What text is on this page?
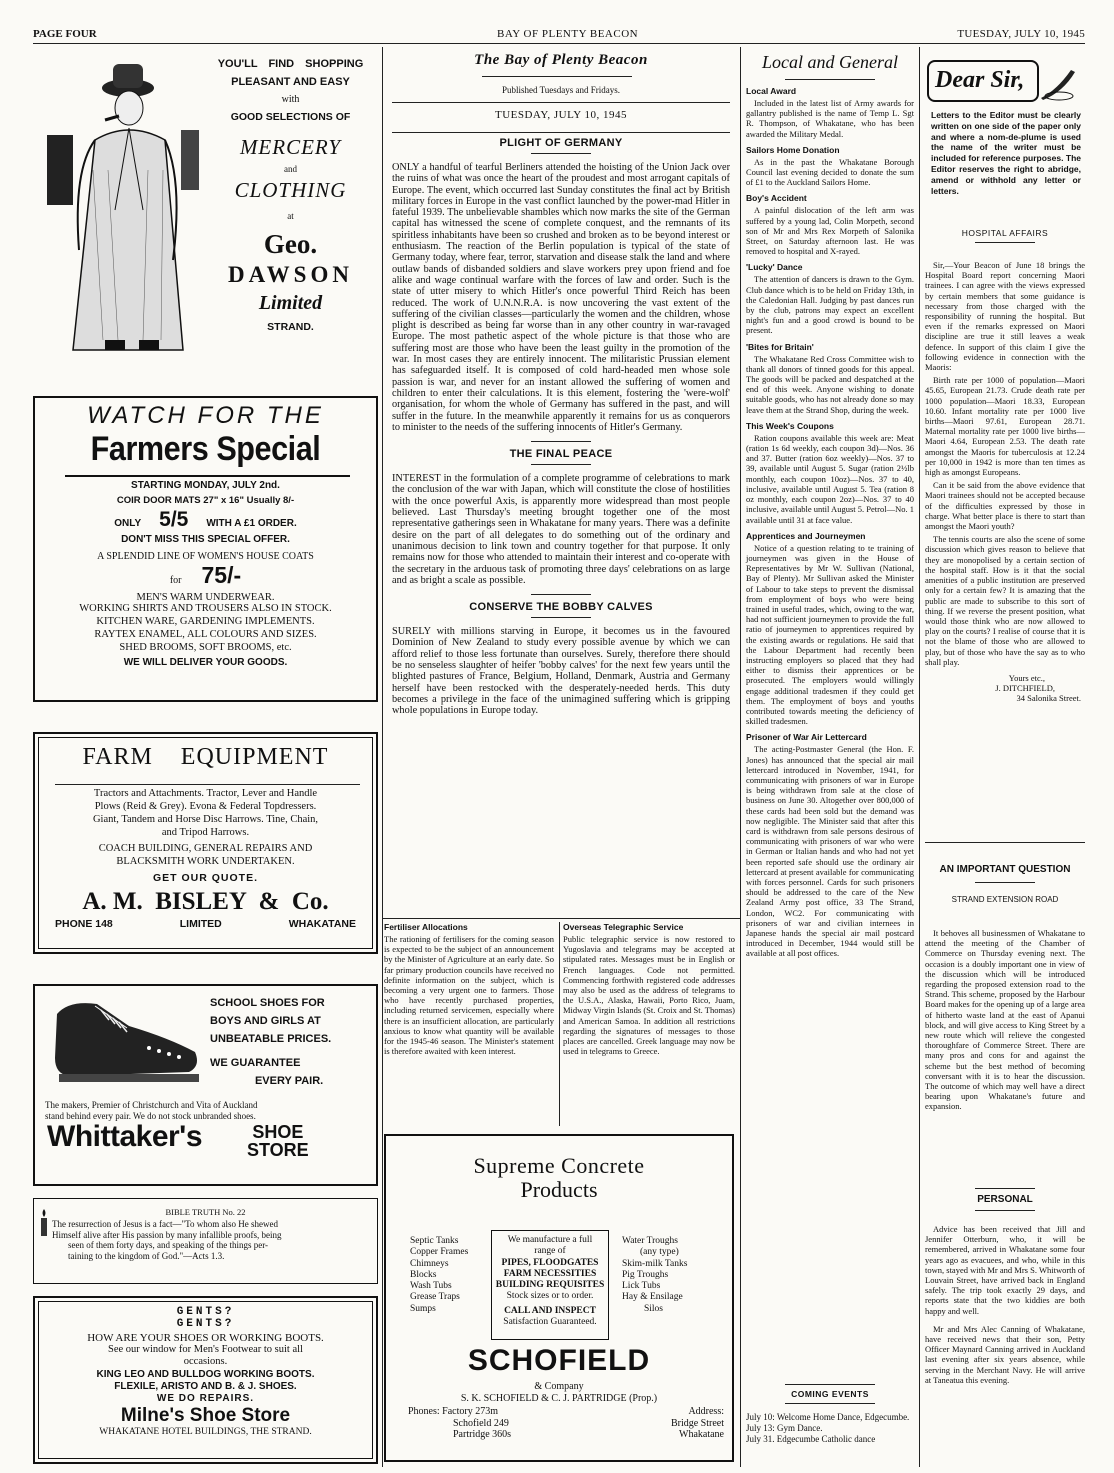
PAGE FOUR	BAY OF PLENTY BEACON	TUESDAY, JULY 10, 1945
YOU'LL FIND SHOPPING
PLEASANT AND EASY
with
GOOD SELECTIONS OF
MERCERY
and
CLOTHING
at
Geo.
DAWSON
Limited
STRAND.
WATCH FOR THE
Farmers Special
STARTING MONDAY, JULY 2nd.
COIR DOOR MATS 27" x 16" Usually 8/-
ONLY 5/5 WITH A £1 ORDER.
DON'T MISS THIS SPECIAL OFFER.
A SPLENDID LINE OF WOMEN'S HOUSE COATS
for 75/-
MEN'S WARM UNDERWEAR.
WORKING SHIRTS AND TROUSERS ALSO IN STOCK.
KITCHEN WARE, GARDENING IMPLEMENTS.
RAYTEX ENAMEL, ALL COLOURS AND SIZES.
SHED BROOMS, SOFT BROOMS, etc.
WE WILL DELIVER YOUR GOODS.
FARM    EQUIPMENT
Tractors and Attachments. Tractor, Lever and Handle
Plows (Reid & Grey). Evona & Federal Topdressers.
Giant, Tandem and Horse Disc Harrows. Tine, Chain,
and Tripod Harrows.
COACH BUILDING, GENERAL REPAIRS AND
BLACKSMITH WORK UNDERTAKEN.
GET OUR QUOTE.
A. M.  BISLEY  &  Co.
PHONE 148	LIMITED	WHAKATANE
SCHOOL SHOES FOR
BOYS AND GIRLS AT
UNBEATABLE PRICES.
WE GUARANTEE
EVERY PAIR.
The makers, Premier of Christchurch and Vita of Auckland
stand behind every pair. We do not stock unbranded shoes.
Whittaker's	SHOE
STORE
BIBLE TRUTH No. 22
The resurrection of Jesus is a fact—"To whom also He shewed
Himself alive after His passion by many infallible proofs, being
seen of them forty days, and speaking of the things per-
taining to the kingdom of God."—Acts 1.3.
GENTS?
GENTS?
HOW ARE YOUR SHOES OR WORKING BOOTS.
See our window for Men's Footwear to suit all
occasions.
KING LEO AND BULLDOG WORKING BOOTS.
FLEXILE, ARISTO AND B. & J. SHOES.
WE DO REPAIRS.
Milne's Shoe Store
WHAKATANE HOTEL BUILDINGS, THE STRAND.
The Bay of Plenty Beacon
Published Tuesdays and Fridays.
TUESDAY, JULY 10, 1945
PLIGHT OF GERMANY
ONLY a handful of tearful Berliners attended the hoisting of the Union Jack over the ruins of what was once the heart of the proudest and most arrogant capitals of Europe. The event, which occurred last Sunday constitutes the final act by British military forces in Europe in the vast conflict launched by the power-mad Hitler in fateful 1939. The unbelievable shambles which now marks the site of the German capital has witnessed the scene of complete conquest, and the remnants of its spiritless inhabitants have been so crushed and broken as to be beyond interest or enthusiasm. The reaction of the Berlin population is typical of the state of Germany today, where fear, terror, starvation and disease stalk the land and where outlaw bands of disbanded soldiers and slave workers prey upon friend and foe alike and wage continual warfare with the forces of law and order. Such is the state of utter misery to which Hitler's once powerful Third Reich has been reduced. The work of U.N.N.R.A. is now uncovering the vast extent of the suffering of the civilian classes—particularly the women and the children, whose plight is described as being far worse than in any other country in war-ravaged Europe. The most pathetic aspect of the whole picture is that those who are suffering most are those who have been the least guilty in the promotion of the war. In most cases they are entirely innocent. The militaristic Prussian element has safeguarded itself. It is composed of cold hard-headed men whose sole passion is war, and never for an instant allowed the suffering of women and children to enter their calculations. It is this element, fostering the 'were-wolf' organisation, for whom the whole of Germany has suffered in the past, and will suffer in the future. In the meanwhile apparently it remains for us as conquerors to minister to the needs of the suffering innocents of Hitler's Germany.
THE FINAL PEACE
INTEREST in the formulation of a complete programme of celebrations to mark the conclusion of the war with Japan, which will constitute the close of hostilities with the once powerful Axis, is apparently more widespread than most people believed. Last Thursday's meeting brought together one of the most representative gatherings seen in Whakatane for many years. There was a definite desire on the part of all delegates to do something out of the ordinary and unanimous decision to link town and country together for that purpose. It only remains now for those who attended to maintain their interest and co-operate with the secretary in the arduous task of promoting three days' celebrations on as large and as bright a scale as possible.
CONSERVE THE BOBBY CALVES
SURELY with millions starving in Europe, it becomes us in the favoured Dominion of New Zealand to study every possible avenue by which we can afford relief to those less fortunate than ourselves. Surely, therefore there should be no senseless slaughter of heifer 'bobby calves' for the next few years until the blighted pastures of France, Belgium, Holland, Denmark, Austria and Germany herself have been restocked with the desperately-needed herds. This duty becomes a privilege in the face of the unimagined suffering which is gripping whole populations in Europe today.
Fertiliser Allocations
The rationing of fertilisers for the coming season is expected to be the subject of an announcement by the Minister of Agriculture at an early date. So far primary production councils have received no definite information on the subject, which is becoming a very urgent one to farmers. Those who have recently purchased properties, including returned servicemen, especially where there is an insufficient allocation, are particularly anxious to know what quantity will be available for the 1945-46 season. The Minister's statement is therefore awaited with keen interest.
Overseas Telegraphic Service
Public telegraphic service is now restored to Yugoslavia and telegrams may be accepted at stipulated rates. Messages must be in English or French languages. Code not permitted. Commencing forthwith registered code addresses may also be used as the address of telegrams to the U.S.A., Alaska, Hawaii, Porto Rico, Juam, Midway Virgin Islands (St. Croix and St. Thomas) and American Samoa. In addition all restrictions regarding the signatures of messages to those places are cancelled. Greek language may now be used in telegrams to Greece.
Supreme Concrete
Products
Septic Tanks
Copper Frames
Chimneys
Blocks
Wash Tubs
Grease Traps
Sumps
We manufacture a full
range of
PIPES, FLOODGATES
FARM NECESSITIES
BUILDING REQUISITES
Stock sizes or to order.
CALL AND INSPECT
Satisfaction Guaranteed.
Water Troughs
(any type)
Skim-milk Tanks
Pig Troughs
Lick Tubs
Hay & Ensilage
Silos
SCHOFIELD
& Company
S. K. SCHOFIELD & C. J. PARTRIDGE (Prop.)
Phones: Factory 273m
Schofield 249
Partridge 360s
Address:
Bridge Street
Whakatane
Local and General
Local Award
Included in the latest list of Army awards for gallantry published is the name of Temp L. Sgt R. Thompson, of Whakatane, who has been awarded the Military Medal.
Sailors Home Donation
As in the past the Whakatane Borough Council last evening decided to donate the sum of £1 to the Auckland Sailors Home.
Boy's Accident
A painful dislocation of the left arm was suffered by a young lad, Colin Morpeth, second son of Mr and Mrs Rex Morpeth of Salonika Street, on Saturday afternoon last. He was removed to hospital and X-rayed.
'Lucky' Dance
The attention of dancers is drawn to the Gym. Club dance which is to be held on Friday 13th, in the Caledonian Hall. Judging by past dances run by the club, patrons may expect an excellent night's fun and a good crowd is bound to be present.
'Bites for Britain'
The Whakatane Red Cross Committee wish to thank all donors of tinned goods for this appeal. The goods will be packed and despatched at the end of this week. Anyone wishing to donate suitable goods, who has not already done so may leave them at the Strand Shop, during the week.
This Week's Coupons
Ration coupons available this week are: Meat (ration 1s 6d weekly, each coupon 3d)—Nos. 36 and 37. Butter (ration 6oz weekly)—Nos. 37 to 39, available until August 5. Sugar (ration 2½lb monthly, each coupon 10oz)—Nos. 37 to 40, inclusive, available until August 5. Tea (ration 8 oz monthly, each coupon 2oz)—Nos. 37 to 40 inclusive, available until August 5. Petrol—No. 1 available until 31 at face value.
Apprentices and Journeymen
Notice of a question relating to te training of journeymen was given in the House of Representatives by Mr W. Sullivan (National, Bay of Plenty). Mr Sullivan asked the Minister of Labour to take steps to prevent the dismissal from employment of boys who were being trained in useful trades, which, owing to the war, had not sufficient journeymen to provide the full ratio of journeymen to apprentices required by the existing awards or regulations. He said that the Labour Department had recently been instructing employers so placed that they had either to dismiss their apprentices or be prosecuted. The employers would willingly engage additional tradesmen if they could get them. The employment of boys and youths contributed towards meeting the deficiency of skilled tradesmen.
Prisoner of War Air Lettercard
The acting-Postmaster General (the Hon. F. Jones) has announced that the special air mail lettercard introduced in November, 1941, for communicating with prisoners of war in Europe is being withdrawn from sale at the close of business on June 30. Altogether over 800,000 of these cards had been sold but the demand was now negligible. The Minister said that after this card is withdrawn from sale persons desirous of communicating with prisoners of war who were in German or Italian hands and who had not yet been reported safe should use the ordinary air lettercard at present available for communicating with forces personnel. Cards for such prisoners should be addressed to the care of the New Zealand Army post office, 33 The Strand, London, WC2. For communicating with prisoners of war and civilian internees in Japanese hands the special air mail postcard introduced in December, 1944 would still be available at all post offices.
COMING EVENTS
July 10: Welcome Home Dance, Edgecumbe.
July 13: Gym Dance.
July 31. Edgecumbe Catholic dance
Dear Sir,
Letters to the Editor must be clearly written on one side of the paper only and where a nom-de-plume is used the name of the writer must be included for reference purposes. The Editor reserves the right to abridge, amend or withhold any letter or letters.
HOSPITAL AFFAIRS
Sir,—Your Beacon of June 18 brings the Hospital Board report concerning Maori trainees. I can agree with the views expressed by certain members that some guidance is necessary from those charged with the responsibility of running the hospital. But even if the remarks expressed on Maori discipline are true it still leaves a weak defence. In support of this claim I give the following evidence in connection with the Maoris:
Birth rate per 1000 of population—Maori 45.65, European 21.73. Crude death rate per 1000 population—Maori 18.33, European 10.60. Infant mortality rate per 1000 live births—Maori 97.61, European 28.71. Maternal mortality rate per 1000 live births—Maori 4.64, European 2.53. The death rate amongst the Maoris for tuberculosis at 12.24 per 10,000 in 1942 is more than ten times as high as amongst Europeans.
Can it be said from the above evidence that Maori trainees should not be accepted because of the difficulties expressed by those in charge. What better place is there to start than amongst the Maori youth?
The tennis courts are also the scene of some discussion which gives reason to believe that they are monopolised by a certain section of the hospital staff. How is it that the social amenities of a public institution are preserved only for a certain few? It is amazing that the public are made to subscribe to this sort of thing. If we reverse the present position, what would those think who are now allowed to play on the courts? I realise of course that it is not the blame of those who are allowed to play, but of those who have the say as to who shall play.
Yours etc.,
J. DITCHFIELD,
34 Salonika Street.
AN IMPORTANT QUESTION
STRAND EXTENSION ROAD
It behoves all businessmen of Whakatane to attend the meeting of the Chamber of Commerce on Thursday evening next. The occasion is a doubly important one in view of the discussion which will be introduced regarding the proposed extension road to the Strand. This scheme, proposed by the Harbour Board makes for the opening up of a large area of hitherto waste land at the east of Apanui block, and will give access to King Street by a new route which will relieve the congested thoroughfare of Commerce Street. There are many pros and cons for and against the scheme but the best method of becoming conversant with it is to hear the discussion. The outcome of which may well have a direct bearing upon Whakatane's future and expansion.
PERSONAL
Advice has been received that Jill and Jennifer Otterburn, who, it will be remembered, arrived in Whakatane some four years ago as evacuees, and who, while in this town, stayed with Mr and Mrs S. Whitworth of Louvain Street, have arrived back in England safely. The trip took exactly 29 days, and reports state that the two kiddies are both happy and well.
Mr and Mrs Alec Canning of Whakatane, have received news that their son, Petty Officer Maynard Canning arrived in Auckland last evening after six years absence, while serving in the Merchant Navy. He will arrive at Taneatua this evening.
